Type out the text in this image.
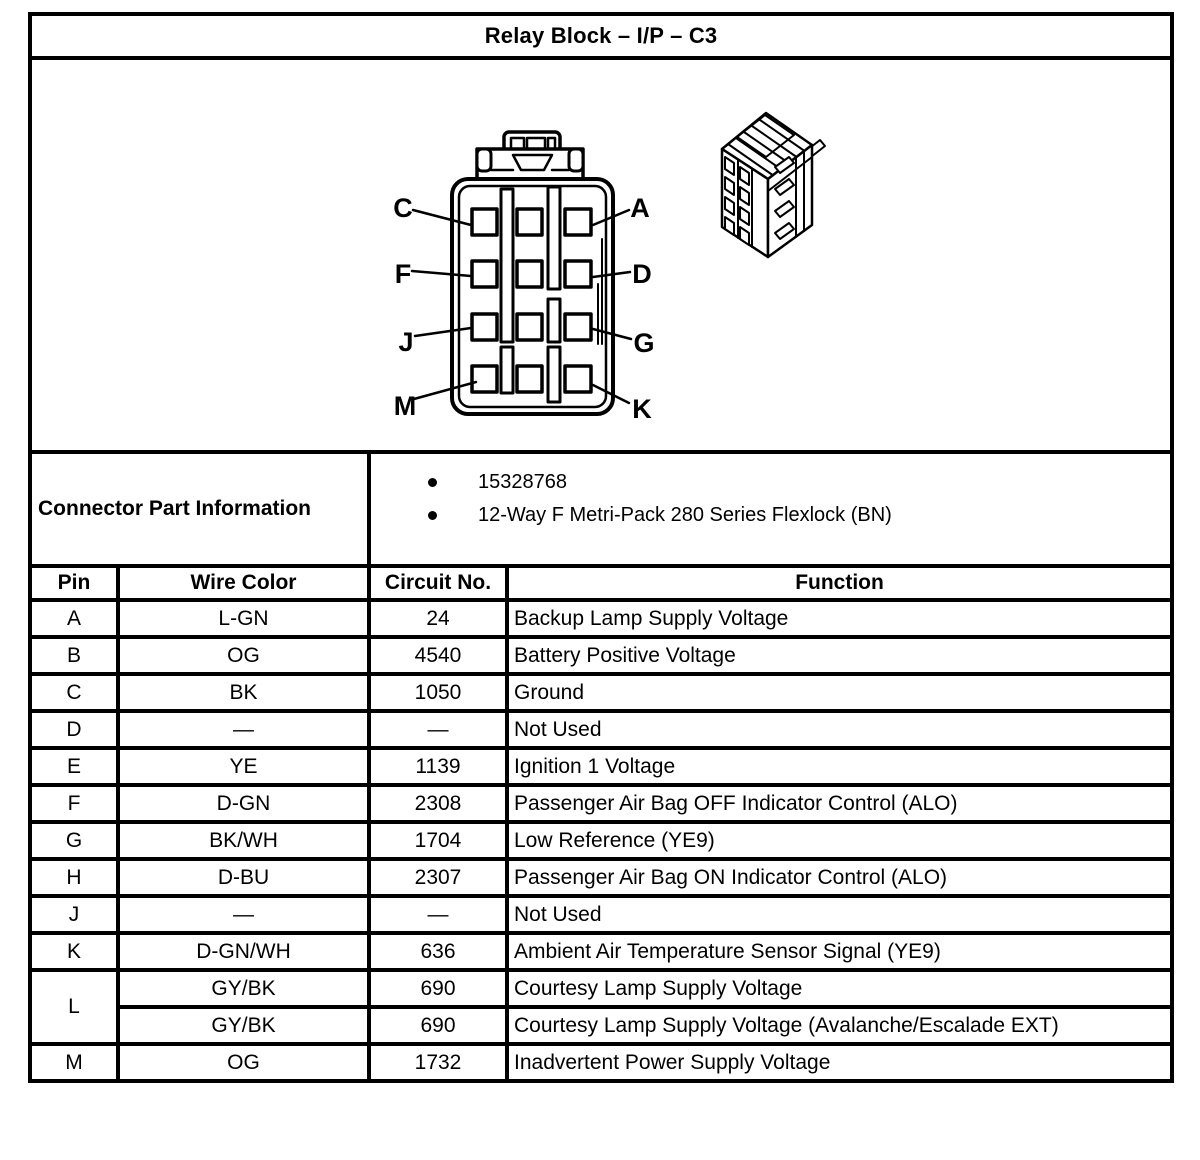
Relay Block – I/P – C3			

C
F
J
M
A
D
G
K

Connector Part Information		15328768
12-Way F Metri-Pack 280 Series Flexlock (BN)	

Pin	Wire Color	Circuit No.	Function
A	L-GN	24	Backup Lamp Supply Voltage
B	OG	4540	Battery Positive Voltage
C	BK	1050	Ground
D	—	—	Not Used
E	YE	1139	Ignition 1 Voltage
F	D-GN	2308	Passenger Air Bag OFF Indicator Control (ALO)
G	BK/WH	1704	Low Reference (YE9)
H	D-BU	2307	Passenger Air Bag ON Indicator Control (ALO)
J	—	—	Not Used
K	D-GN/WH	636	Ambient Air Temperature Sensor Signal (YE9)
L	GY/BK	690	Courtesy Lamp Supply Voltage
	GY/BK	690	Courtesy Lamp Supply Voltage (Avalanche/Escalade EXT)
M	OG	1732	Inadvertent Power Supply Voltage
